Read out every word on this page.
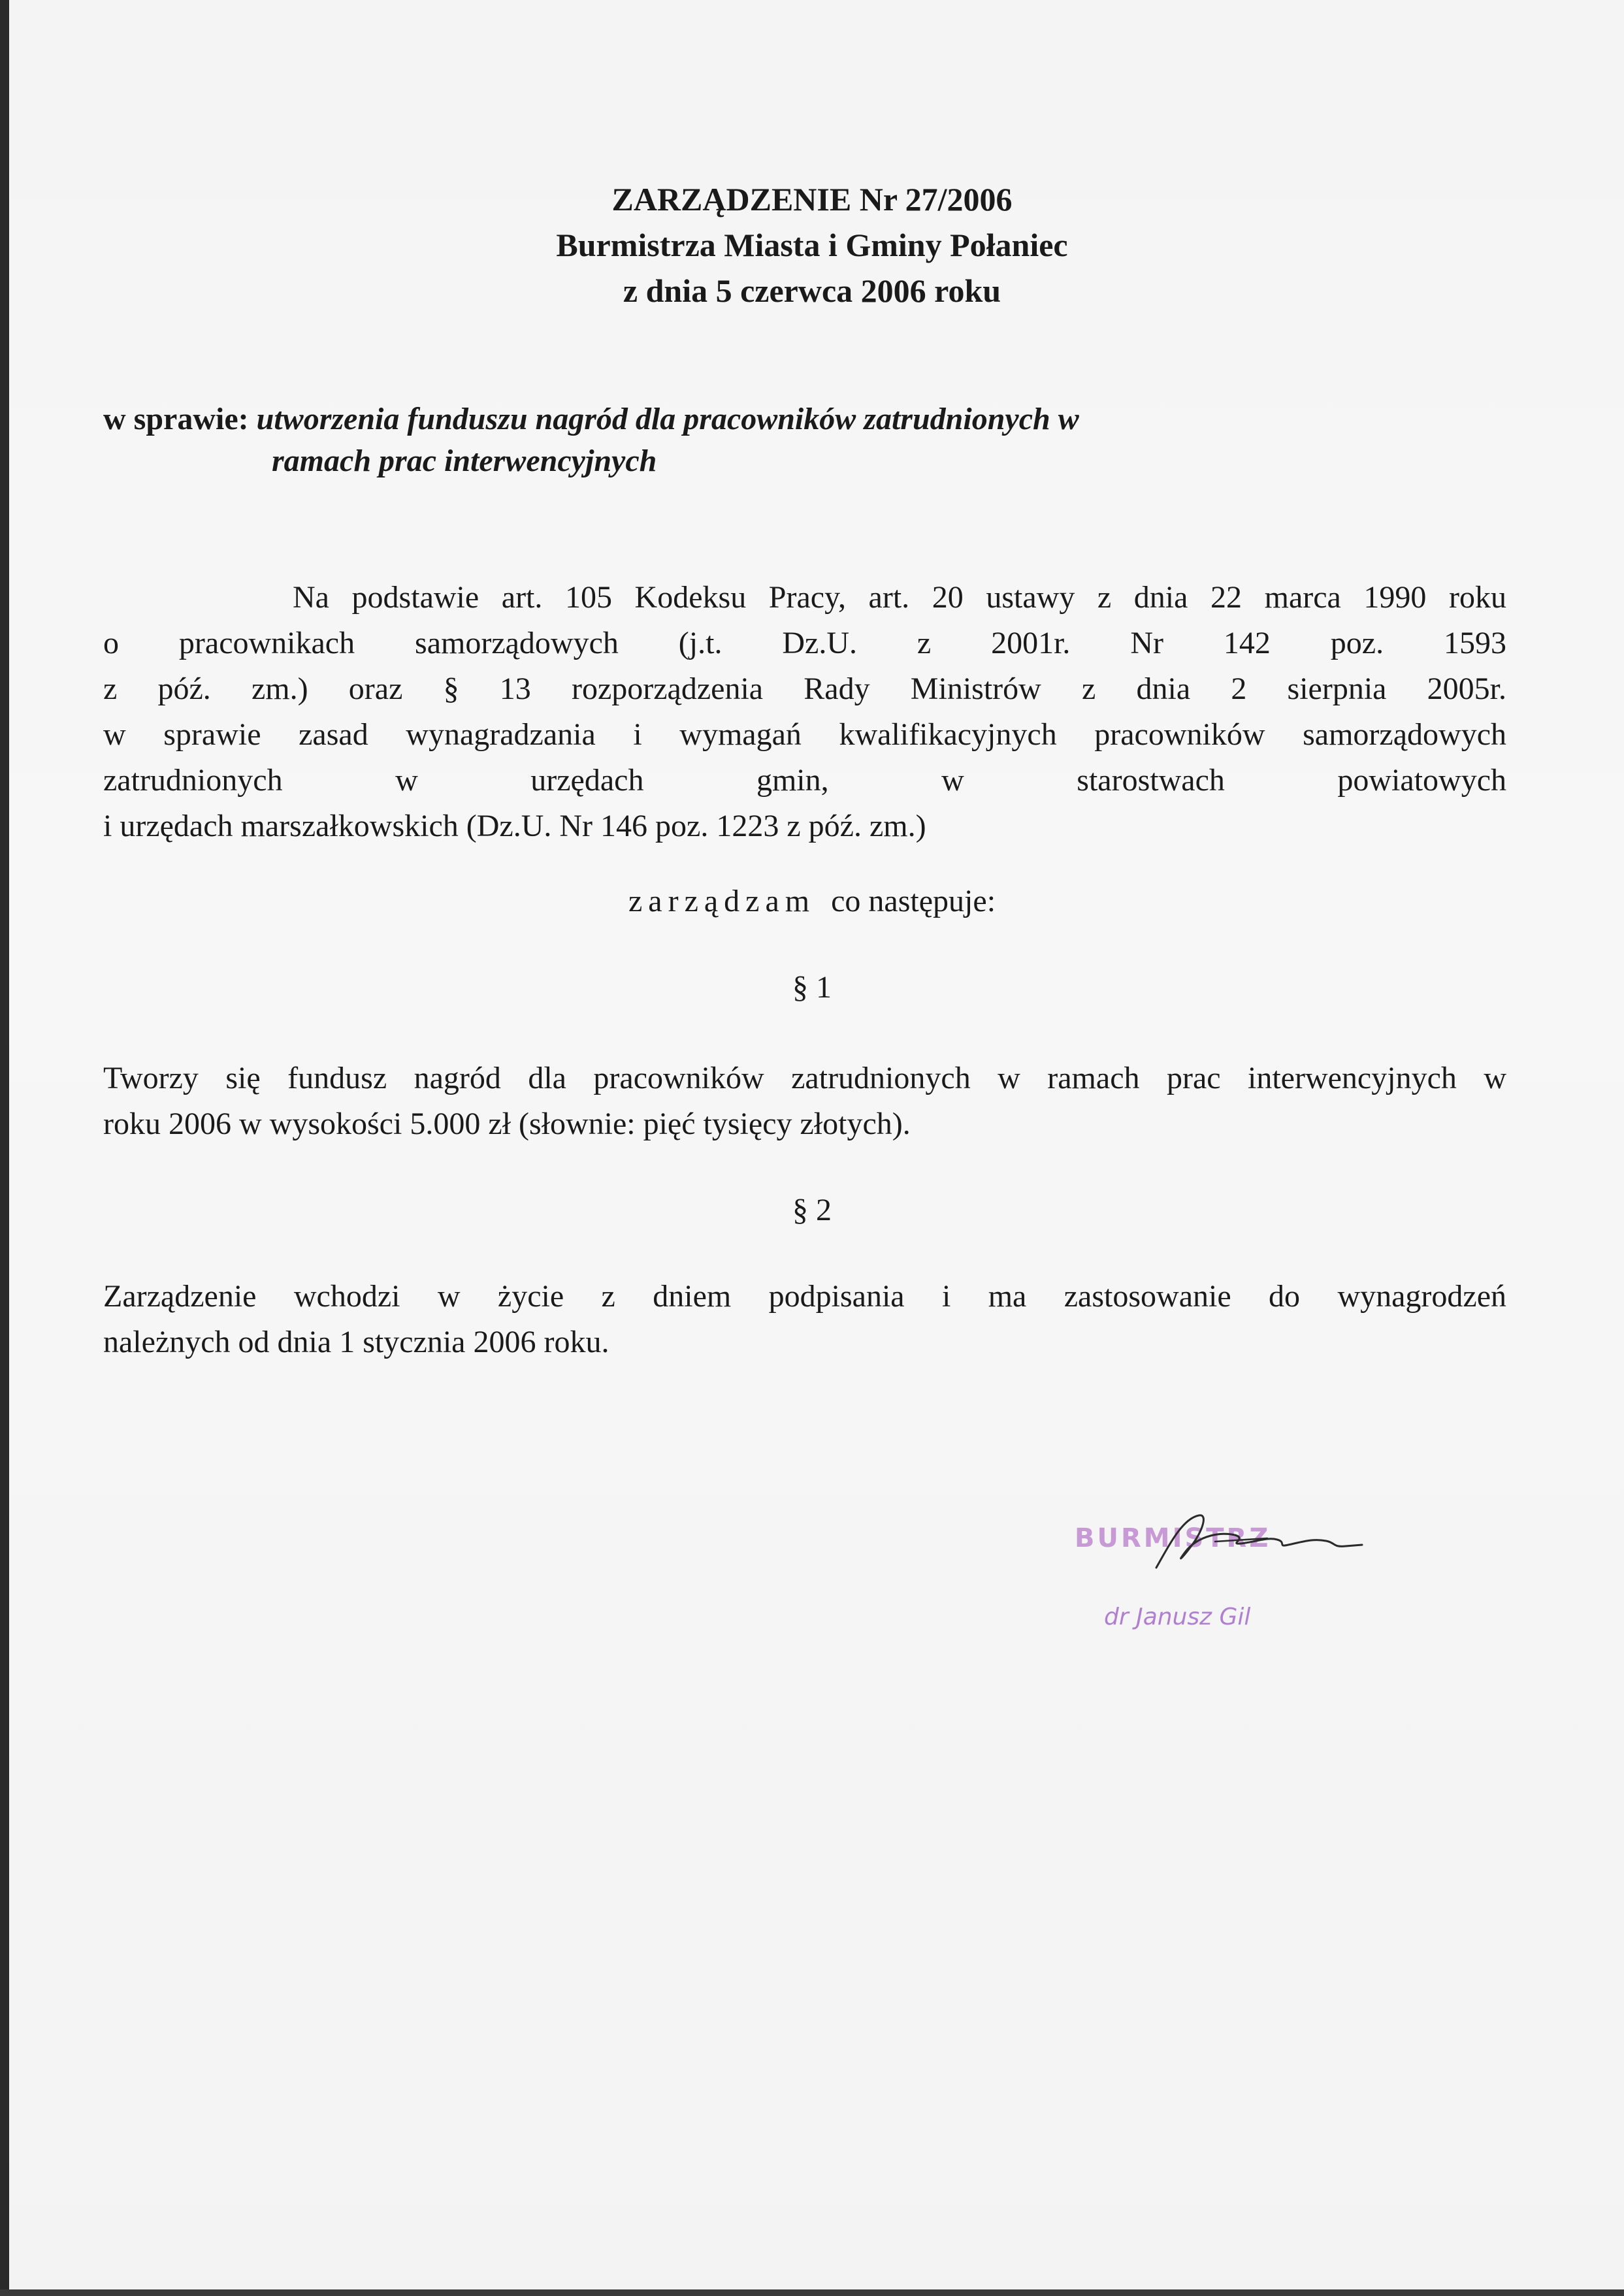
ZARZĄDZENIE Nr 27/2006
Burmistrza Miasta i Gminy Połaniec
z dnia 5 czerwca 2006 roku
w sprawie: utworzenia funduszu nagród dla pracowników zatrudnionych w
ramach prac interwencyjnych

Na podstawie art. 105 Kodeksu Pracy, art. 20 ustawy z dnia 22 marca 1990 roku

o pracownikach samorządowych (j.t. Dz.U. z 2001r. Nr 142 poz. 1593

z póź. zm.) oraz § 13 rozporządzenia Rady Ministrów z dnia 2 sierpnia 2005r.

w sprawie zasad wynagradzania i wymagań kwalifikacyjnych pracowników samorządowych

zatrudnionych w urzędach gmin, w starostwach powiatowych

i urzędach marszałkowskich (Dz.U. Nr 146 poz. 1223 z póź. zm.)

zarządzam co następuje:
§ 1

Tworzy się fundusz nagród dla pracowników zatrudnionych w ramach prac interwencyjnych w

roku 2006 w wysokości 5.000 zł (słownie: pięć tysięcy złotych).

§ 2

Zarządzenie wchodzi w życie z dniem podpisania i ma zastosowanie do wynagrodzeń

należnych od dnia 1 stycznia 2006 roku.

BURMISTRZ
dr Janusz Gil
